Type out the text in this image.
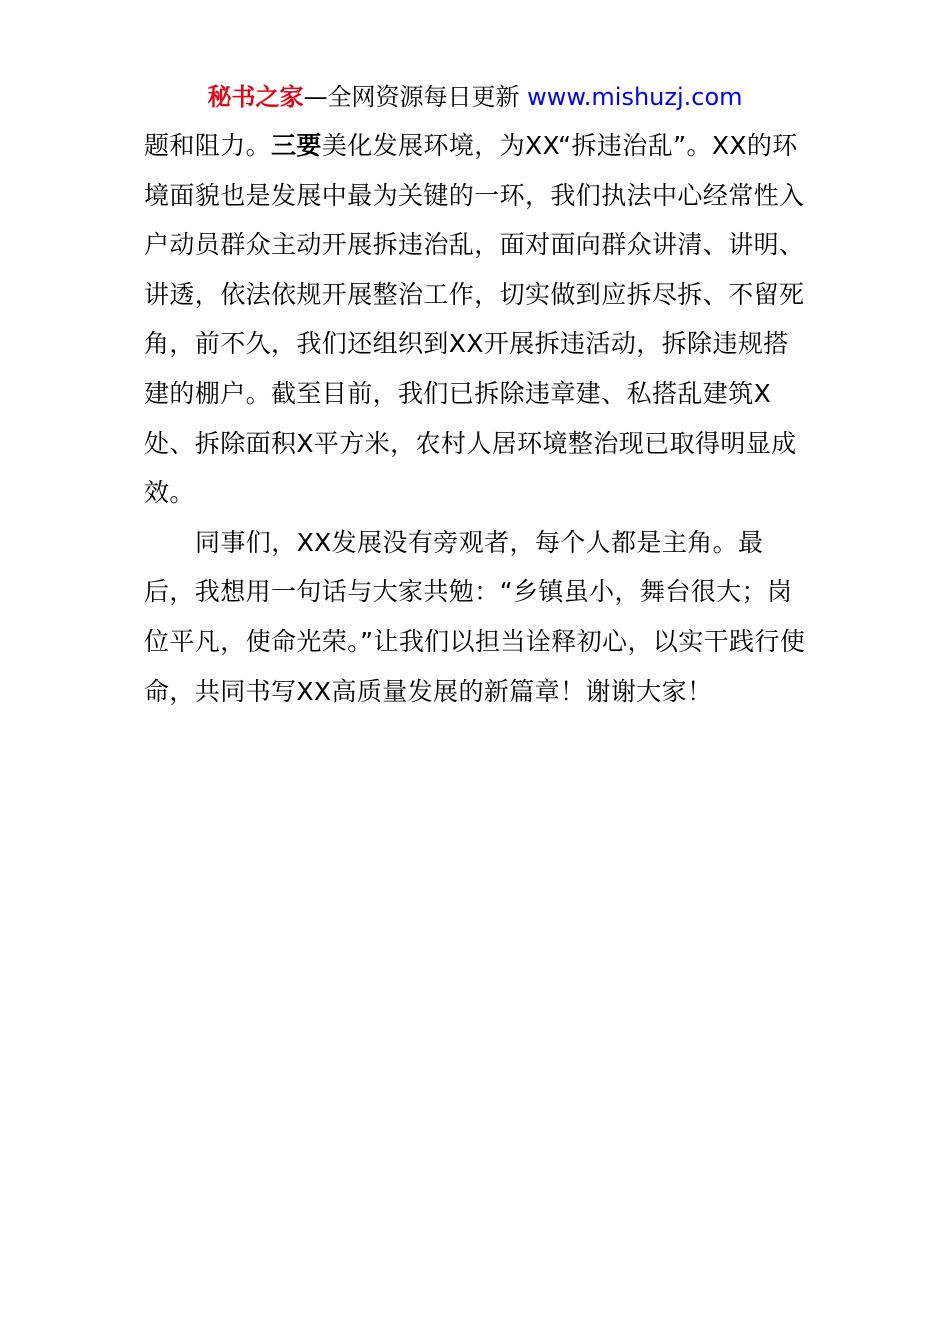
秘书之家—全网资源每日更新 www.mishuzj.com

题和阻力。三要美化发展环境，为XX“拆违治乱”。XX的环境面貌也是发展中最为关键的一环，我们执法中心经常性入户动员群众主动开展拆违治乱，面对面向群众讲清、讲明、讲透，依法依规开展整治工作，切实做到应拆尽拆、不留死角，前不久，我们还组织到XX开展拆违活动，拆除违规搭建的棚户。截至目前，我们已拆除违章建、私搭乱建筑X处、拆除面积X平方米，农村人居环境整治现已取得明显成效。

同事们，XX发展没有旁观者，每个人都是主角。最后，我想用一句话与大家共勉：“乡镇虽小，舞台很大；岗位平凡，使命光荣。”让我们以担当诠释初心，以实干践行使命，共同书写XX高质量发展的新篇章！谢谢大家！
